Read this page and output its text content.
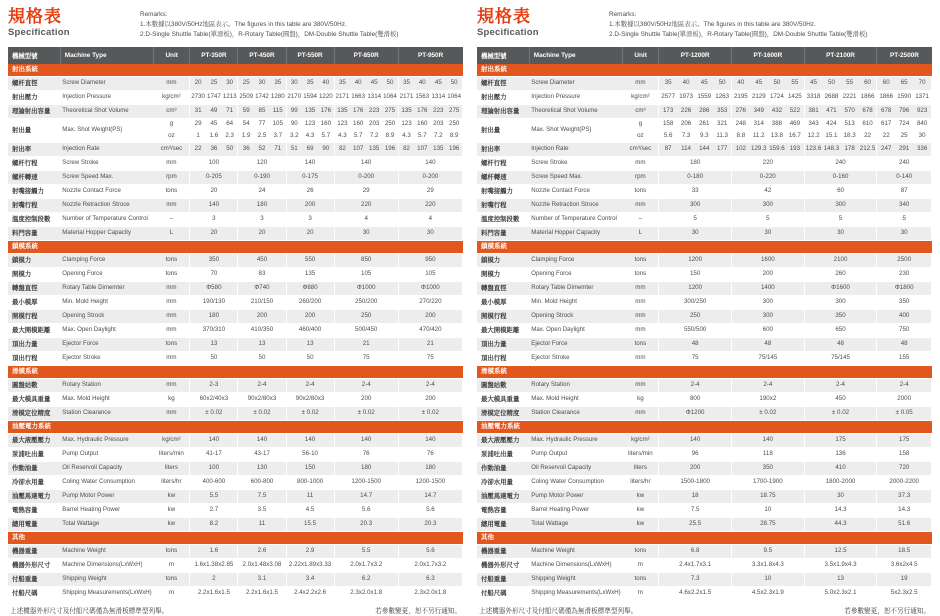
規格表
Specification
Remarks:
1.本數據以380V/50Hz地區表示。The figures in this table are 380V/50Hz.
2.D-Single Shuttle Table(單滑板)，R-Rotary Table(圓盤)，DM-Double Shuttle Table(雙滑板)
機械型號	Machine Type	Unit	PT-350R			PT-450R			PT-550R			PT-850R				PT-950R			
射出系統																			
螺杆直徑	Screw Diameter	mm	20	25	30	25	30	35	30	35	40	35	40	45	50	35	40	45	50
射出壓力	Injection Pressure	kg/cm²	2730	1747	1213	2509	1742	1280	2170	1594	1220	2171	1663	1314	1064	2171	1563	1314	1064
理論射出容量	Theoretical Shot Volume	cm³	31	49	71	59	85	115	99	135	176	135	176	223	275	135	176	223	275
射出量	Max. Shot Weight(PS)	g	29	45	64	54	77	105	90	123	160	123	160	203	250	123	160	203	250
		oz	1	1.6	2.3	1.9	2.5	3.7	3.2	4.3	5.7	4.3	5.7	7.2	8.9	4.3	5.7	7.2	8.9
射出率	Injection Rate	cm³/sec	22	36	50	36	52	71	51	69	90	82	107	135	196	82	107	135	196
螺杆行程	Screw Stroke	mm	100			120			140			140				140			
螺杆轉速	Screw Speed Max.	rpm	0-205			0-190			0-175			0-200				0-200			
射嘴接觸力	Nozzle Contact Force	tons	20			24			26			29				29			
射嘴行程	Nozzle Retraction Stroce	mm	140			180			200			220				220			
溫度控制段數	Number of Temperature Control	–	3			3			3			4				4			
料門容量	Material Hopper Capacity	L	20			20			20			30				30			
鎖模系統																			
鎖模力	Clamping Force	tons	350			450			550			850				950			
開模力	Opening Force	tons	70			83			135			105				105			
轉盤直徑	Rotary Table Dimemter	mm	Φ580			Φ740			Φ880			Φ1000				Φ1000			
最小模厚	Min. Mold Height	mm	190/130			210/150			260/200			250/200				270/220			
開模行程	Opening Strock	mm	180			200			200			250				200			
最大開模距離	Max. Open Daylight	mm	370/310			410/350			460/400			500/450				470/420			
頂出力量	Ejector Force	tons	13			13			13			21				21			
頂出行程	Ejector Stroke	mm	50			50			50			75				75			
滑模系統																			
圓盤站數	Rotary Station	mm	2-3			2-4			2-4			2-4				2-4			
最大模具重量	Max. Mold Height	kg	60x2/40x3			90x2/80x3			90x2/80x3			200				200			
滑模定位精度	Station Clearance	mm	± 0.02			± 0.02			± 0.02			± 0.02				± 0.02			
油壓電力系統																			
最大液壓壓力	Max. Hydraulic Pressure	kg/cm²	140			140			140			140				140			
泵浦吐出量	Pump Output	liters/min	41-17			43-17			56-10			76				76			
作動油量	Oil Reservoil Capacity	liters	100			130			150			180				180			
冷卻水用量	Coling Water Consumption	liters/hr	400-600			600-800			800-1000			1200-1500				1200-1500			
油壓馬達電力	Pump Motor Power	kw	5.5			7.5			11			14.7				14.7			
電熱容量	Barrel Heating Power	kw	2.7			3.5			4.5			5.6				5.6			
總用電量	Total Wattage	kw	8.2			11			15.5			20.3				20.3			
其他																			
機器重量	Machine Weight	tons	1.6			2.6			2.9			5.5				5.6			
機器外形尺寸	Machine Dimensions(LxWxH)	m	1.6x1.38x2.85			2.0x1.48x3.08			2.22x1.89x3.33			2.0x1.7x3.2				2.0x1.7x3.2			
付船重量	Shipping Weight	tons	2			3.1			3.4			6.2				6.3			
付船尺碼	Shipping Measurements(LxWxH)	m	2.2x1.6x1.5			2.2x1.6x1.5			2.4x2.2x2.6			2.3x2.0x1.8				2.3x2.0x1.8			
上述機器外形尺寸及付船尺碼僅為無滑板標準型列舉。	若參數變更，恕不另行通知。
規格表
Specification
Remarks:
1.本數據以380V/50Hz地區表示。The figures in this table are 380V/50Hz.
2.D-Single Shuttle Table(單滑板)，R-Rotary Table(圓盤)，DM-Double Shuttle Table(雙滑板)
機械型號	Machine Type	Unit	PT-1200R				PT-1600R				PT-2100R				PT-2500R		
射出系統																	
螺杆直徑	Screw Diameter	mm	35	40	45	50	40	45	50	55	45	50	55	60	60	65	70
射出壓力	Injection Pressure	kg/cm²	2577	1973	1559	1263	2195	2129	1724	1425	3318	2688	2221	1866	1866	1590	1371
理論射出容量	Theoretical Shot Volume	cm³	173	226	286	353	276	349	432	522	381	471	570	678	678	796	923
射出量	Max. Shot Weight(PS)	g	158	206	261	321	248	314	388	469	343	424	513	610	617	724	840
		oz	5.6	7.3	9.3	11.3	8.8	11.2	13.8	16.7	12.2	15.1	18.3	22	22	25	30
射出率	Injection Rate	cm³/sec	87	114	144	177	102	129.3	159.6	193	123.6	148.3	178	212.5	247	291	336
螺杆行程	Screw Stroke	mm	180				220				240				240		
螺杆轉速	Screw Speed Max.	rpm	0-180				0-220				0-160				0-140		
射嘴接觸力	Nozzle Contact Force	tons	33				42				60				87		
射嘴行程	Nozzle Retraction Stroce	mm	300				300				300				340		
溫度控制段數	Number of Temperature Control	–	5				5				5				5		
料門容量	Material Hopper Capacity	L	30				30				30				30		
鎖模系統																	
鎖模力	Clamping Force	tons	1200				1600				2100				2500		
開模力	Opening Force	tons	150				200				260				230		
轉盤直徑	Rotary Table Dimemter	mm	1200				1400				Φ1600				Φ1800		
最小模厚	Min. Mold Height	mm	300/250				300				300				350		
開模行程	Opening Strock	mm	250				300				350				400		
最大開模距離	Max. Open Daylight	mm	550/500				600				650				750		
頂出力量	Ejector Force	tons	48				48				48				48		
頂出行程	Ejector Stroke	mm	75				75/145				75/145				155		
滑模系統																	
圓盤站數	Rotary Station	mm	2-4				2-4				2-4				2-4		
最大模具重量	Max. Mold Height	kg	800				190x2				450				2000		
滑模定位精度	Station Clearance	mm	Φ1200				± 0.02				± 0.02				± 0.05		
油壓電力系統																	
最大液壓壓力	Max. Hydraulic Pressure	kg/cm²	140				140				175				175		
泵浦吐出量	Pump Output	liters/min	96				118				136				158		
作動油量	Oil Reservoil Capacity	liters	200				350				410				720		
冷卻水用量	Coling Water Consumption	liters/hr	1500-1800				1700-1900				1800-2000				2000-2200		
油壓馬達電力	Pump Motor Power	kw	18				18.75				30				37.3		
電熱容量	Barrel Heating Power	kw	7.5				10				14.3				14.3		
總用電量	Total Wattage	kw	25.5				28.75				44.3				51.6		
其他																	
機器重量	Machine Weight	tons	6.8				9.5				12.5				18.5		
機器外形尺寸	Machine Dimensions(LxWxH)	m	2.4x1.7x3.1				3.3x1.8x4.3				3.5x1.9x4.3				3.6x2x4.5		
付船重量	Shipping Weight	tons	7.3				10				13				19		
付船尺碼	Shipping Measurements(LxWxH)	m	4.6x2.2x1.5				4.5x2.3x1.9				5.0x2.3x2.1				5x2.3x2.5		
上述機器外形尺寸及付船尺碼僅為無滑板標準型列舉。	若參數變更，恕不另行通知。
